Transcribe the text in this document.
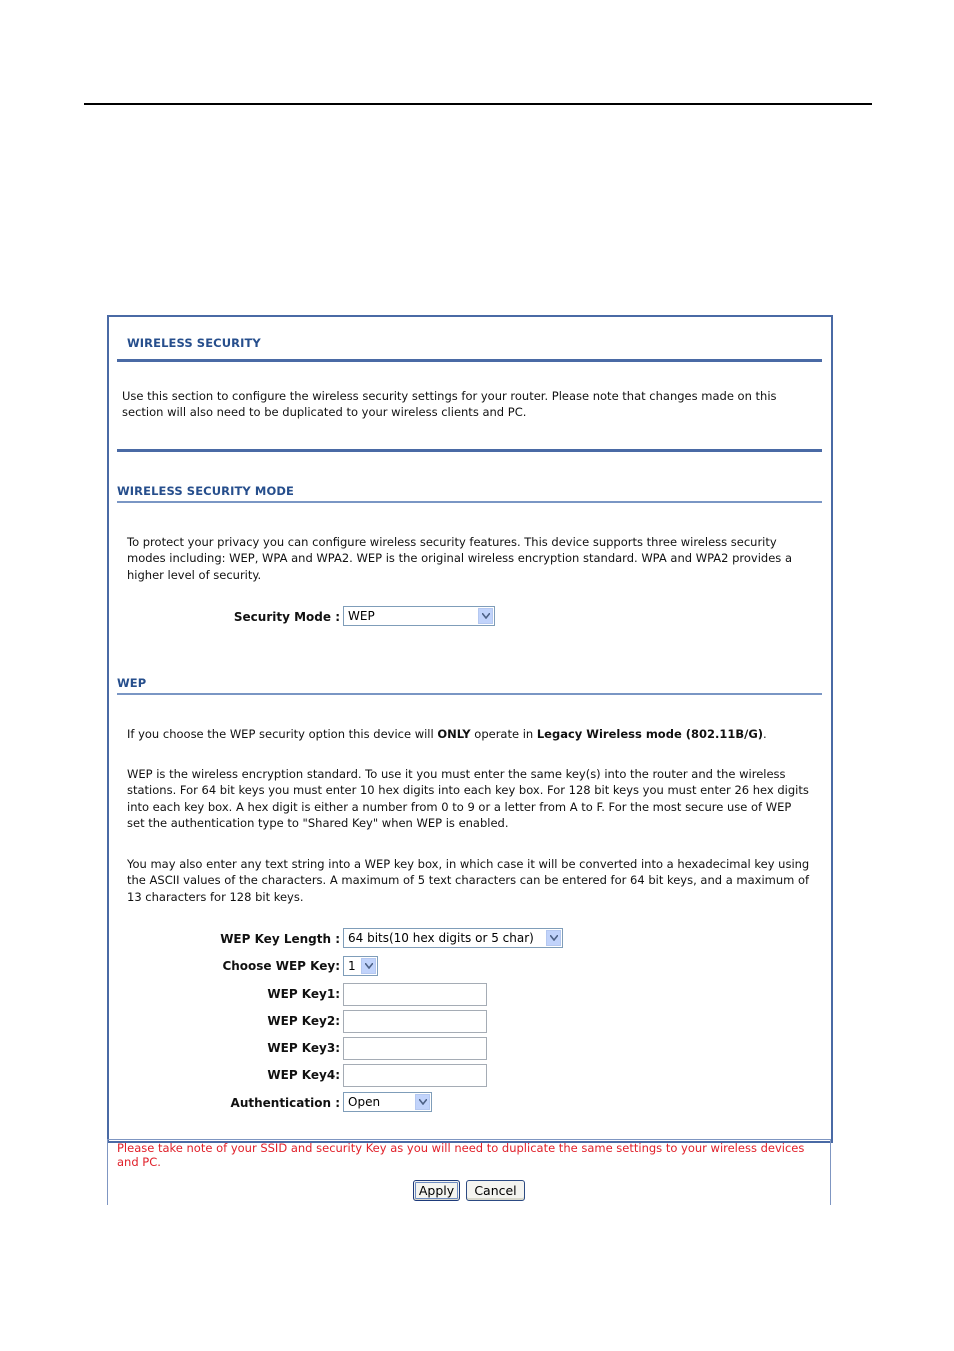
WIRELESS SECURITY
Use this section to configure the wireless security settings for your router. Please note that changes made on this section will also need to be duplicated to your wireless clients and PC.
WIRELESS SECURITY MODE
To protect your privacy you can configure wireless security features. This device supports three wireless security modes including: WEP, WPA and WPA2. WEP is the original wireless encryption standard. WPA and WPA2 provides a higher level of security.
Security Mode : WEP
WEP
If you choose the WEP security option this device will ONLY operate in Legacy Wireless mode (802.11B/G).
WEP is the wireless encryption standard. To use it you must enter the same key(s) into the router and the wireless stations. For 64 bit keys you must enter 10 hex digits into each key box. For 128 bit keys you must enter 26 hex digits into each key box. A hex digit is either a number from 0 to 9 or a letter from A to F. For the most secure use of WEP set the authentication type to "Shared Key" when WEP is enabled.
You may also enter any text string into a WEP key box, in which case it will be converted into a hexadecimal key using the ASCII values of the characters. A maximum of 5 text characters can be entered for 64 bit keys, and a maximum of 13 characters for 128 bit keys.
WEP Key Length : 64 bits(10 hex digits or 5 char)
Choose WEP Key: 1
WEP Key1:
WEP Key2:
WEP Key3:
WEP Key4:
Authentication : Open
Please take note of your SSID and security Key as you will need to duplicate the same settings to your wireless devices and PC.
Apply	Cancel
